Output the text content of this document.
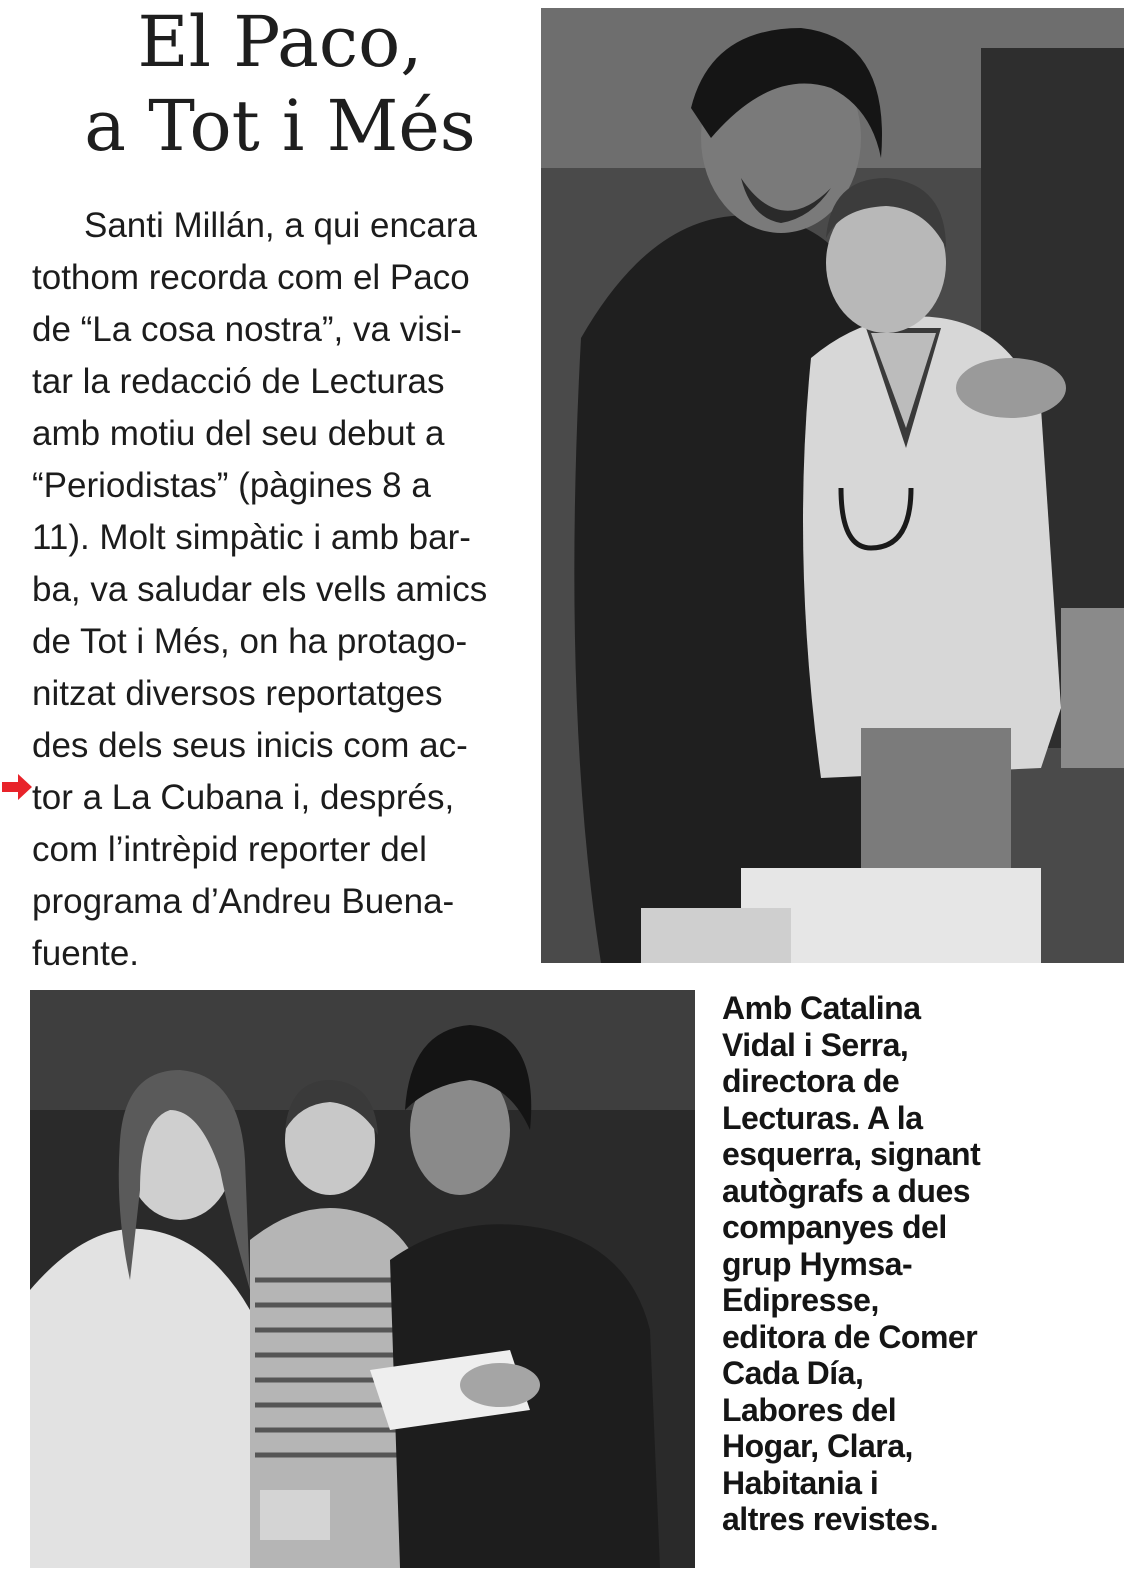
El Paco,
a Tot i Més
Santi Millán, a qui encara
tothom recorda com el Paco
de “La cosa nostra”, va visi-
tar la redacció de Lecturas
amb motiu del seu debut a
“Periodistas” (pàgines 8 a
11). Molt simpàtic i amb bar-
ba, va saludar els vells amics
de Tot i Més, on ha protago-
nitzat diversos reportatges
des dels seus inicis com ac-
tor a La Cubana i, després,
com l’intrèpid reporter del
programa d’Andreu Buena-
fuente.
Amb Catalina
Vidal i Serra,
directora de
Lecturas. A la
esquerra, signant
autògrafs a dues
companyes del
grup Hymsa-
Edipresse,
editora de Comer
Cada Día,
Labores del
Hogar, Clara,
Habitania i
altres revistes.
